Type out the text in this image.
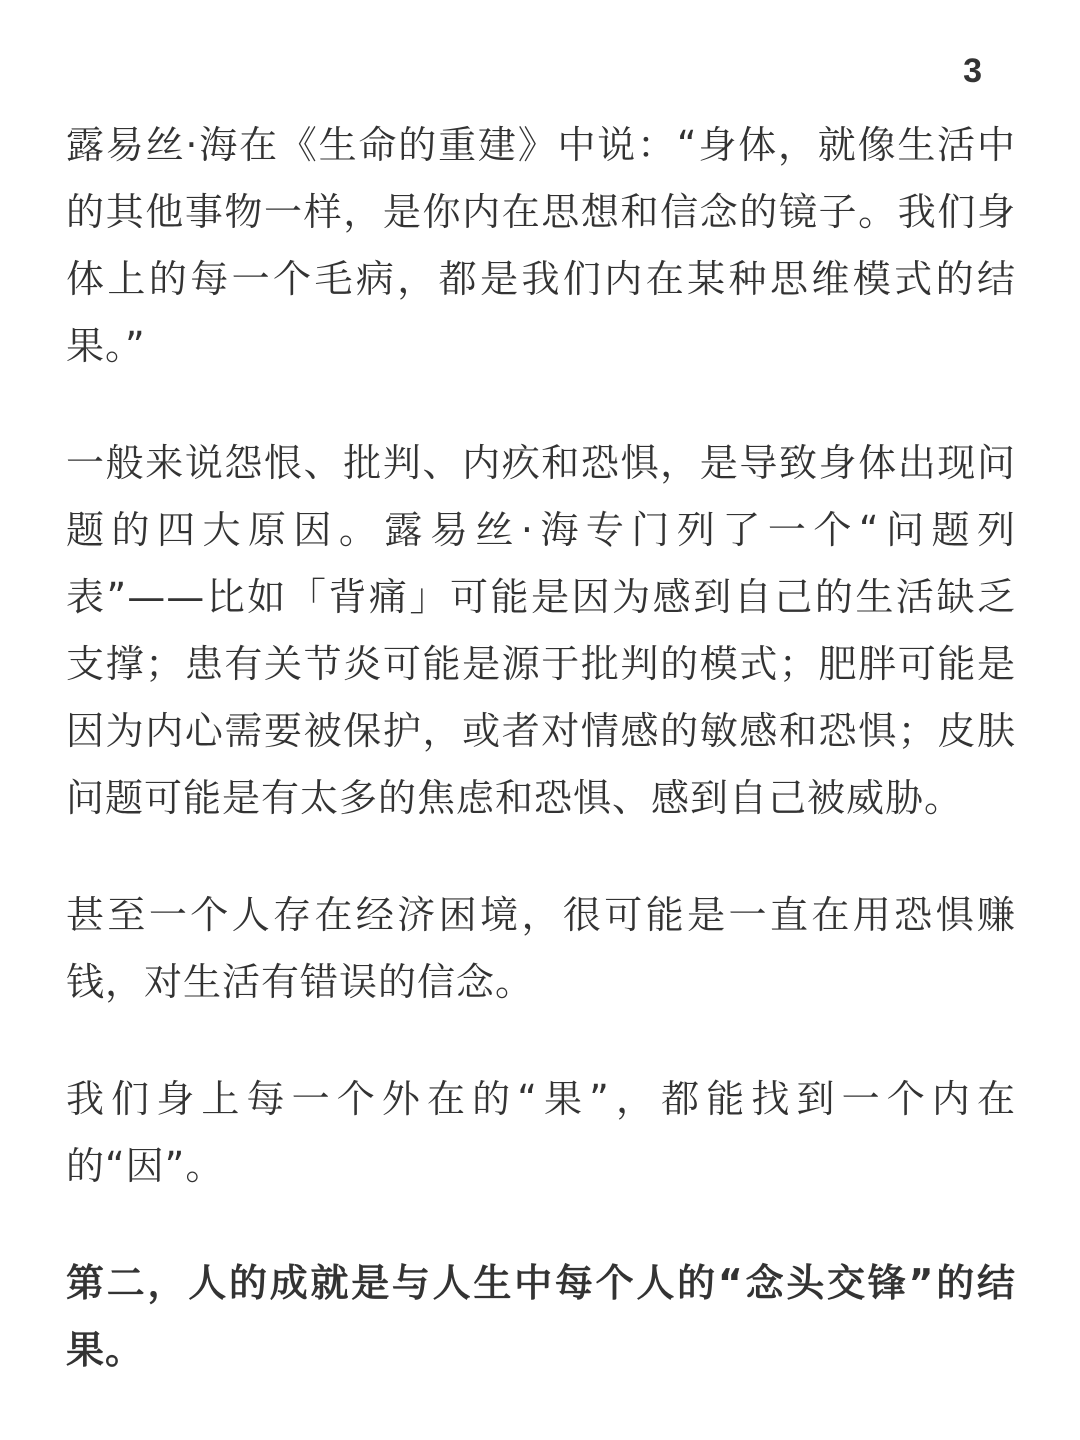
3

露易丝·海在《生命的重建》中说：“身体，就像生活中的其他事物一样，是你内在思想和信念的镜子。我们身体上的每一个毛病，都是我们内在某种思维模式的结果。”

一般来说怨恨、批判、内疚和恐惧，是导致身体出现问题的四大原因。露易丝·海专门列了一个“问题列表”——比如「背痛」可能是因为感到自己的生活缺乏支撑；患有关节炎可能是源于批判的模式；肥胖可能是因为内心需要被保护，或者对情感的敏感和恐惧；皮肤问题可能是有太多的焦虑和恐惧、感到自己被威胁。

甚至一个人存在经济困境，很可能是一直在用恐惧赚钱，对生活有错误的信念。

我们身上每一个外在的“果”，都能找到一个内在的“因”。

第二，人的成就是与人生中每个人的“念头交锋”的结果。
